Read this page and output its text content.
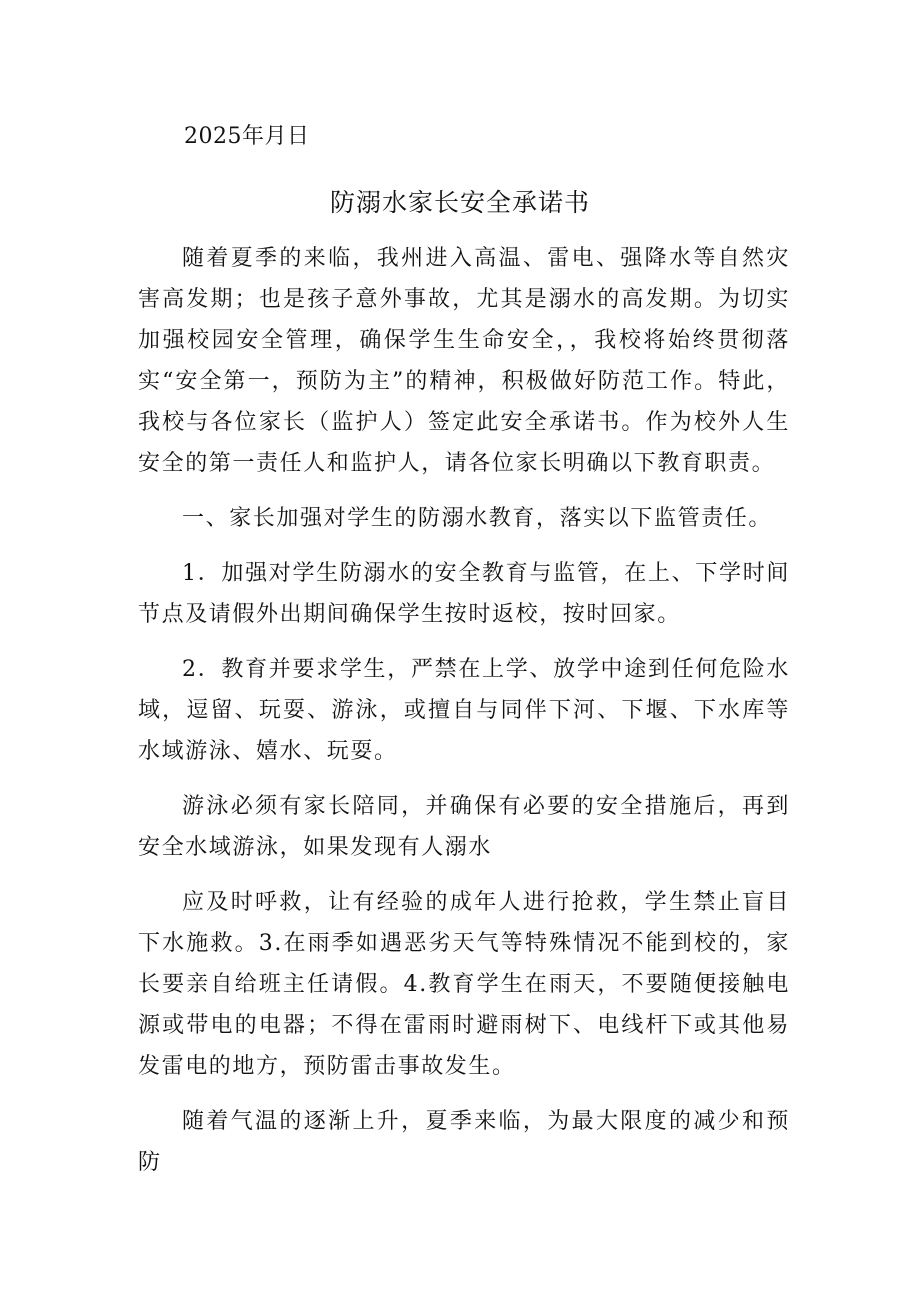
2025年月日
防溺水家长安全承诺书

随着夏季的来临，我州进入高温、雷电、强降水等自然灾害高发期；也是孩子意外事故，尤其是溺水的高发期。为切实加强校园安全管理，确保学生生命安全，，我校将始终贯彻落实“安全第一，预防为主”的精神，积极做好防范工作。特此，我校与各位家长（监护人）签定此安全承诺书。作为校外人生安全的第一责任人和监护人，请各位家长明确以下教育职责。

一、家长加强对学生的防溺水教育，落实以下监管责任。

1．加强对学生防溺水的安全教育与监管，在上、下学时间节点及请假外出期间确保学生按时返校，按时回家。

2．教育并要求学生，严禁在上学、放学中途到任何危险水域，逗留、玩耍、游泳，或擅自与同伴下河、下堰、下水库等水域游泳、嬉水、玩耍。

游泳必须有家长陪同，并确保有必要的安全措施后，再到安全水域游泳，如果发现有人溺水

应及时呼救，让有经验的成年人进行抢救，学生禁止盲目下水施救。3.在雨季如遇恶劣天气等特殊情况不能到校的，家长要亲自给班主任请假。4.教育学生在雨天，不要随便接触电源或带电的电器；不得在雷雨时避雨树下、电线杆下或其他易发雷电的地方，预防雷击事故发生。

随着气温的逐渐上升，夏季来临，为最大限度的减少和预防
